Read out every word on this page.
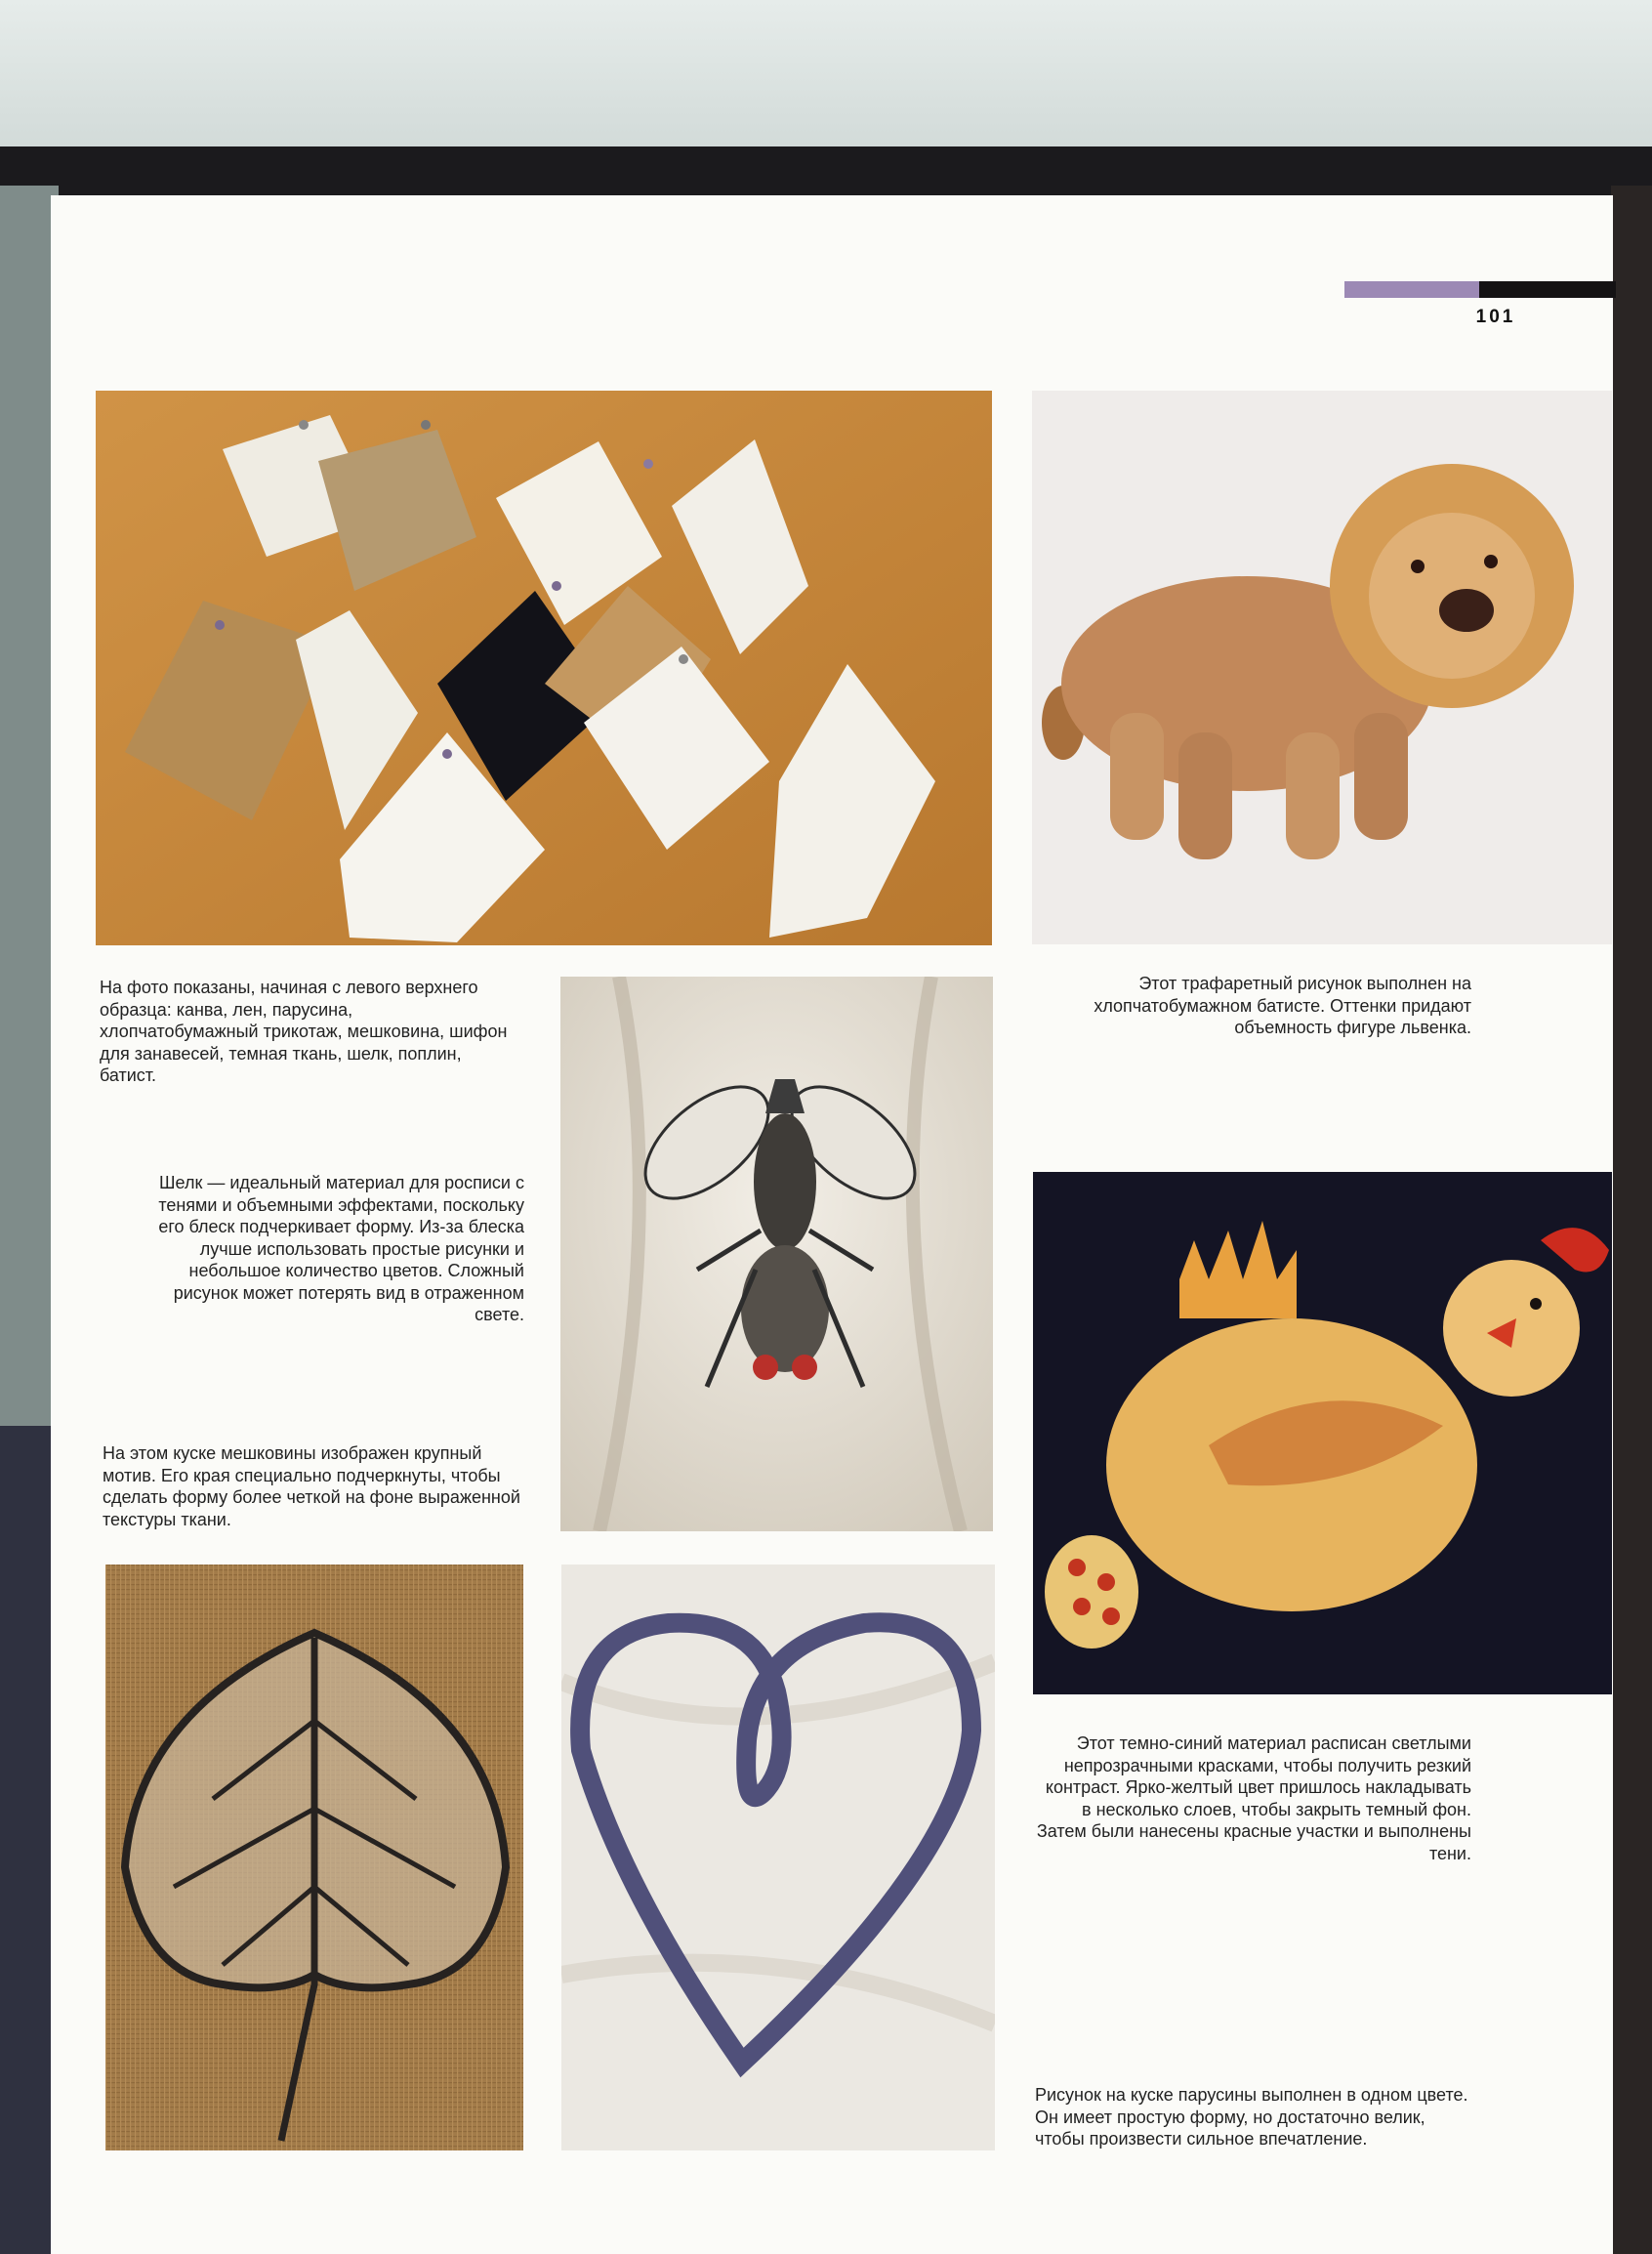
101

На фото показаны, начиная с левого верхнего образца: канва, лен, парусина, хлопчатобумажный трикотаж, мешковина, шифон для занавесей, темная ткань, шелк, поплин, батист.

Этот трафаретный рисунок выполнен на хлопчатобумажном батисте. Оттенки придают объемность фигуре львенка.

Шелк — идеальный материал для росписи с тенями и объемными эффектами, поскольку его блеск подчеркивает форму. Из-за блеска лучше использовать простые рисунки и небольшое количество цветов. Сложный рисунок может потерять вид в отраженном свете.

На этом куске мешковины изображен крупный мотив. Его края специально подчеркнуты, чтобы сделать форму более четкой на фоне выраженной текстуры ткани.

Этот темно-синий материал расписан светлыми непрозрачными красками, чтобы получить резкий контраст. Ярко-желтый цвет пришлось накладывать в несколько слоев, чтобы закрыть темный фон. Затем были нанесены красные участки и выполнены тени.

Рисунок на куске парусины выполнен в одном цвете. Он имеет простую форму, но достаточно велик, чтобы произвести сильное впечатление.
